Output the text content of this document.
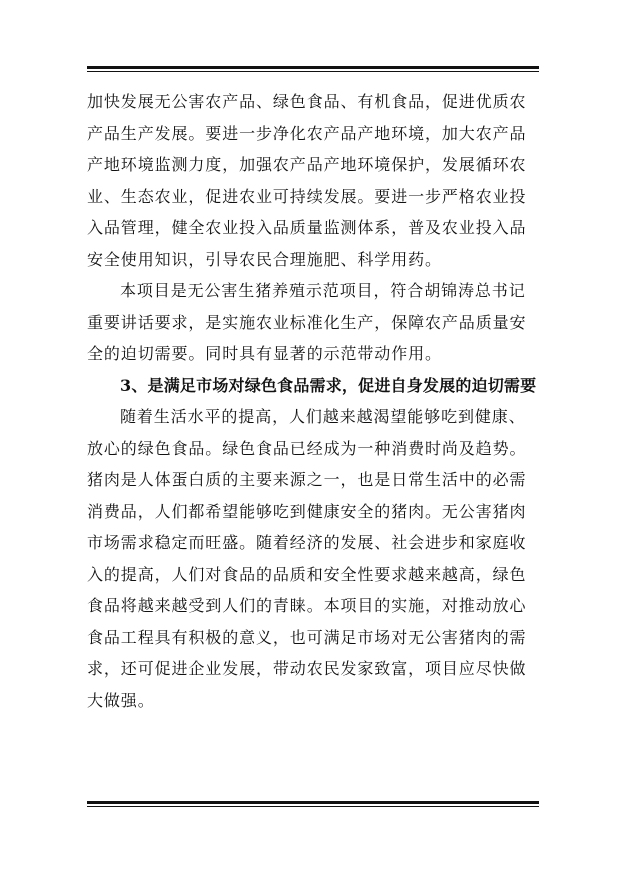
加快发展无公害农产品、绿色食品、有机食品，促进优质农
产品生产发展。要进一步净化农产品产地环境，加大农产品
产地环境监测力度，加强农产品产地环境保护，发展循环农
业、生态农业，促进农业可持续发展。要进一步严格农业投
入品管理，健全农业投入品质量监测体系，普及农业投入品
安全使用知识，引导农民合理施肥、科学用药。
本项目是无公害生猪养殖示范项目，符合胡锦涛总书记
重要讲话要求，是实施农业标准化生产，保障农产品质量安
全的迫切需要。同时具有显著的示范带动作用。
3、是满足市场对绿色食品需求，促进自身发展的迫切需要
随着生活水平的提高，人们越来越渴望能够吃到健康、
放心的绿色食品。绿色食品已经成为一种消费时尚及趋势。
猪肉是人体蛋白质的主要来源之一，也是日常生活中的必需
消费品，人们都希望能够吃到健康安全的猪肉。无公害猪肉
市场需求稳定而旺盛。随着经济的发展、社会进步和家庭收
入的提高，人们对食品的品质和安全性要求越来越高，绿色
食品将越来越受到人们的青睐。本项目的实施，对推动放心
食品工程具有积极的意义，也可满足市场对无公害猪肉的需
求，还可促进企业发展，带动农民发家致富，项目应尽快做
大做强。
